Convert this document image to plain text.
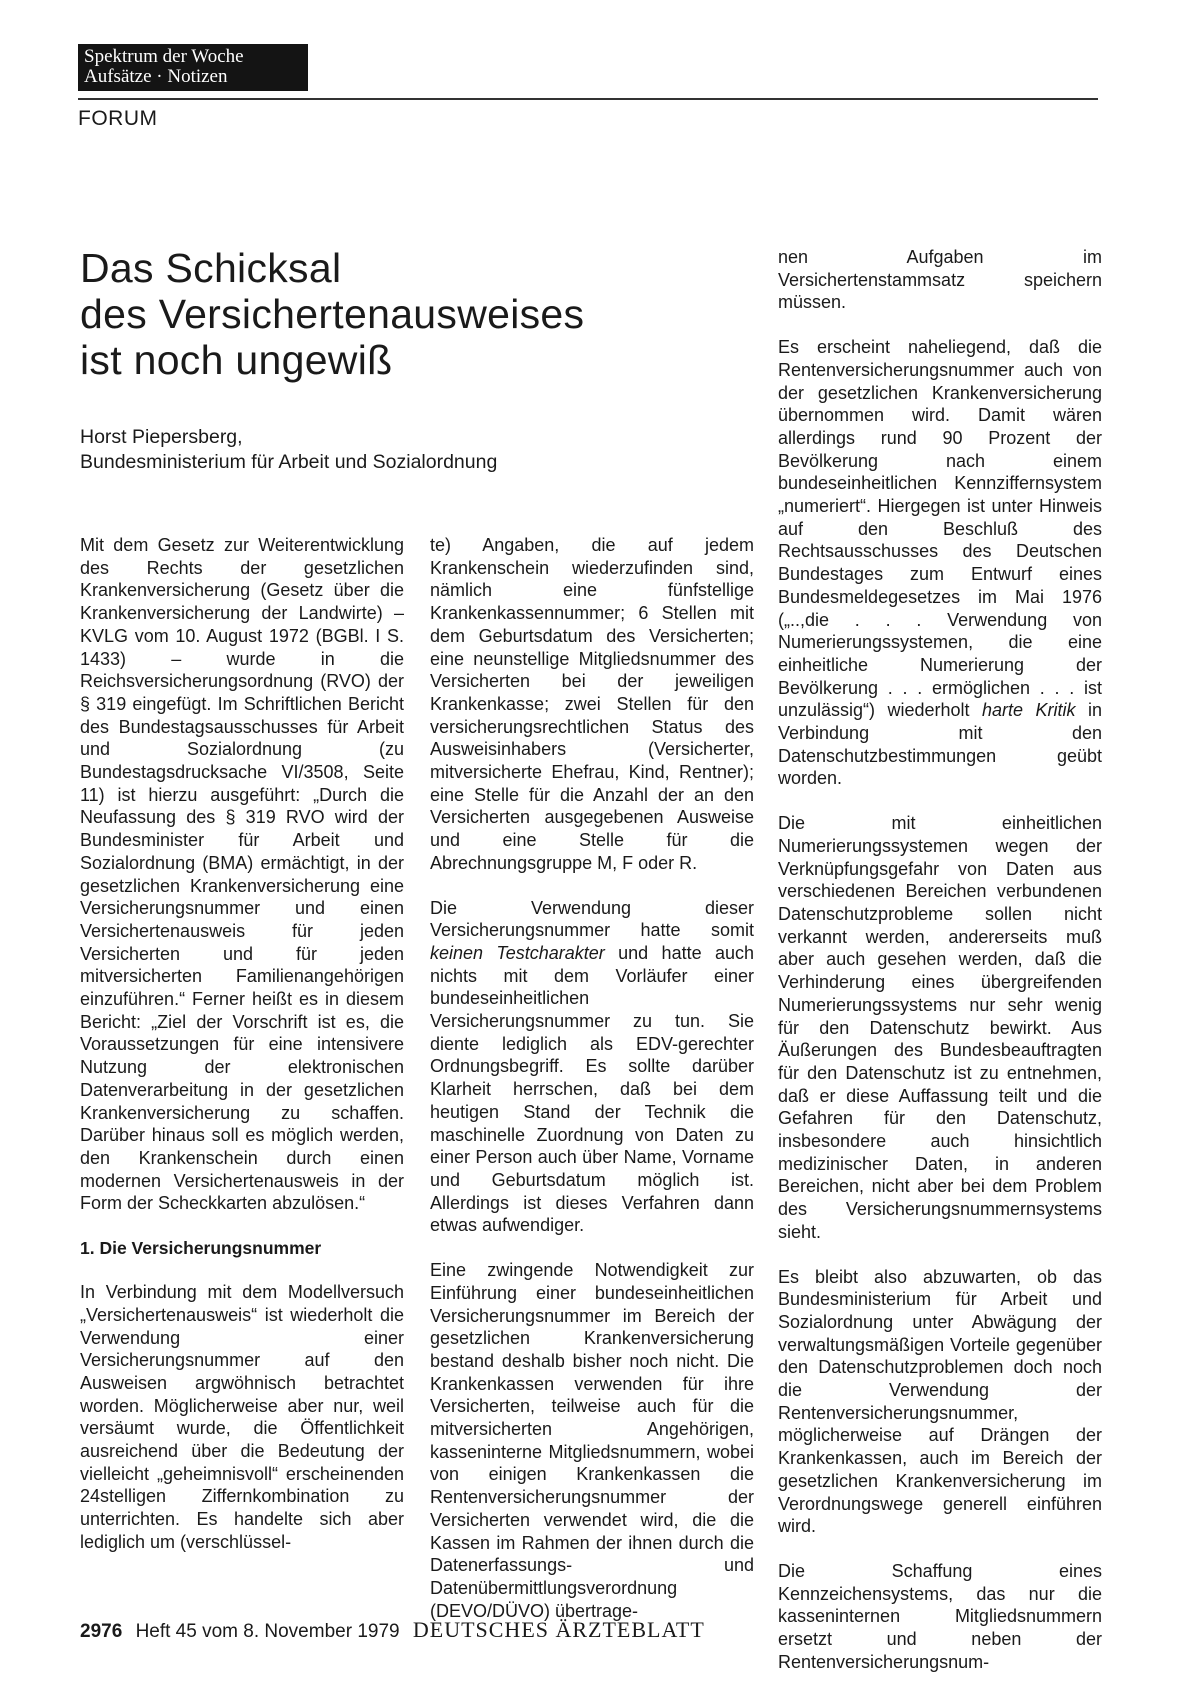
Spektrum der Woche
Aufsätze · Notizen
FORUM
Das Schicksal
des Versichertenausweises
ist noch ungewiß
Horst Piepersberg,
Bundesministerium für Arbeit und Sozialordnung

Mit dem Gesetz zur Weiterentwicklung des Rechts der gesetzlichen Krankenversicherung (Gesetz über die Krankenversicherung der Landwirte) – KVLG vom 10. August 1972 (BGBl. I S. 1433) – wurde in die Reichsversicherungsordnung (RVO) der § 319 eingefügt. Im Schriftlichen Bericht des Bundestagsausschusses für Arbeit und Sozialordnung (zu Bundestagsdrucksache VI/3508, Seite 11) ist hierzu ausgeführt: „Durch die Neufassung des § 319 RVO wird der Bundesminister für Arbeit und Sozialordnung (BMA) ermächtigt, in der gesetzlichen Krankenversicherung eine Versicherungsnummer und einen Versichertenausweis für jeden Versicherten und für jeden mitversicherten Familienangehörigen einzuführen.“ Ferner heißt es in diesem Bericht: „Ziel der Vorschrift ist es, die Voraussetzungen für eine intensivere Nutzung der elektronischen Datenverarbeitung in der gesetzlichen Krankenversicherung zu schaffen. Darüber hinaus soll es möglich werden, den Krankenschein durch einen modernen Versichertenausweis in der Form der Scheckkarten abzulösen.“

1. Die Versicherungsnummer

In Verbindung mit dem Modellversuch „Versichertenausweis“ ist wiederholt die Verwendung einer Versicherungsnummer auf den Ausweisen argwöhnisch betrachtet worden. Möglicherweise aber nur, weil versäumt wurde, die Öffentlichkeit ausreichend über die Bedeutung der vielleicht „geheimnisvoll“ erscheinenden 24stelligen Ziffernkombination zu unterrichten. Es handelte sich aber lediglich um (verschlüssel-

te) Angaben, die auf jedem Krankenschein wiederzufinden sind, nämlich eine fünfstellige Krankenkassennummer; 6 Stellen mit dem Geburtsdatum des Versicherten; eine neunstellige Mitgliedsnummer des Versicherten bei der jeweiligen Krankenkasse; zwei Stellen für den versicherungsrechtlichen Status des Ausweisinhabers (Versicherter, mitversicherte Ehefrau, Kind, Rentner); eine Stelle für die Anzahl der an den Versicherten ausgegebenen Ausweise und eine Stelle für die Abrechnungsgruppe M, F oder R.

Die Verwendung dieser Versicherungsnummer hatte somit keinen Testcharakter und hatte auch nichts mit dem Vorläufer einer bundeseinheitlichen Versicherungsnummer zu tun. Sie diente lediglich als EDV-gerechter Ordnungsbegriff. Es sollte darüber Klarheit herrschen, daß bei dem heutigen Stand der Technik die maschinelle Zuordnung von Daten zu einer Person auch über Name, Vorname und Geburtsdatum möglich ist. Allerdings ist dieses Verfahren dann etwas aufwendiger.

Eine zwingende Notwendigkeit zur Einführung einer bundeseinheitlichen Versicherungsnummer im Bereich der gesetzlichen Krankenversicherung bestand deshalb bisher noch nicht. Die Krankenkassen verwenden für ihre Versicherten, teilweise auch für die mitversicherten Angehörigen, kasseninterne Mitgliedsnummern, wobei von einigen Krankenkassen die Rentenversicherungsnummer der Versicherten verwendet wird, die die Kassen im Rahmen der ihnen durch die Datenerfassungs- und Datenübermittlungsverordnung (DEVO/DÜVO) übertrage-

nen Aufgaben im Versichertenstammsatz speichern müssen.

Es erscheint naheliegend, daß die Rentenversicherungsnummer auch von der gesetzlichen Krankenversicherung übernommen wird. Damit wären allerdings rund 90 Prozent der Bevölkerung nach einem bundeseinheitlichen Kennziffernsystem „numeriert“. Hiergegen ist unter Hinweis auf den Beschluß des Rechtsausschusses des Deutschen Bundestages zum Entwurf eines Bundesmeldegesetzes im Mai 1976 („..,die . . . Verwendung von Numerierungssystemen, die eine einheitliche Numerierung der Bevölkerung . . . ermöglichen . . . ist unzulässig“) wiederholt harte Kritik in Verbindung mit den Datenschutzbestimmungen geübt worden.

Die mit einheitlichen Numerierungssystemen wegen der Verknüpfungsgefahr von Daten aus verschiedenen Bereichen verbundenen Datenschutzprobleme sollen nicht verkannt werden, andererseits muß aber auch gesehen werden, daß die Verhinderung eines übergreifenden Numerierungssystems nur sehr wenig für den Datenschutz bewirkt. Aus Äußerungen des Bundesbeauftragten für den Datenschutz ist zu entnehmen, daß er diese Auffassung teilt und die Gefahren für den Datenschutz, insbesondere auch hinsichtlich medizinischer Daten, in anderen Bereichen, nicht aber bei dem Problem des Versicherungsnummernsystems sieht.

Es bleibt also abzuwarten, ob das Bundesministerium für Arbeit und Sozialordnung unter Abwägung der verwaltungsmäßigen Vorteile gegenüber den Datenschutzproblemen doch noch die Verwendung der Rentenversicherungsnummer, möglicherweise auf Drängen der Krankenkassen, auch im Bereich der gesetzlichen Krankenversicherung im Verordnungswege generell einführen wird.

Die Schaffung eines Kennzeichensystems, das nur die kasseninternen Mitgliedsnummern ersetzt und neben der Rentenversicherungsnum-

2976 Heft 45 vom 8. November 1979 DEUTSCHES ÄRZTEBLATT
